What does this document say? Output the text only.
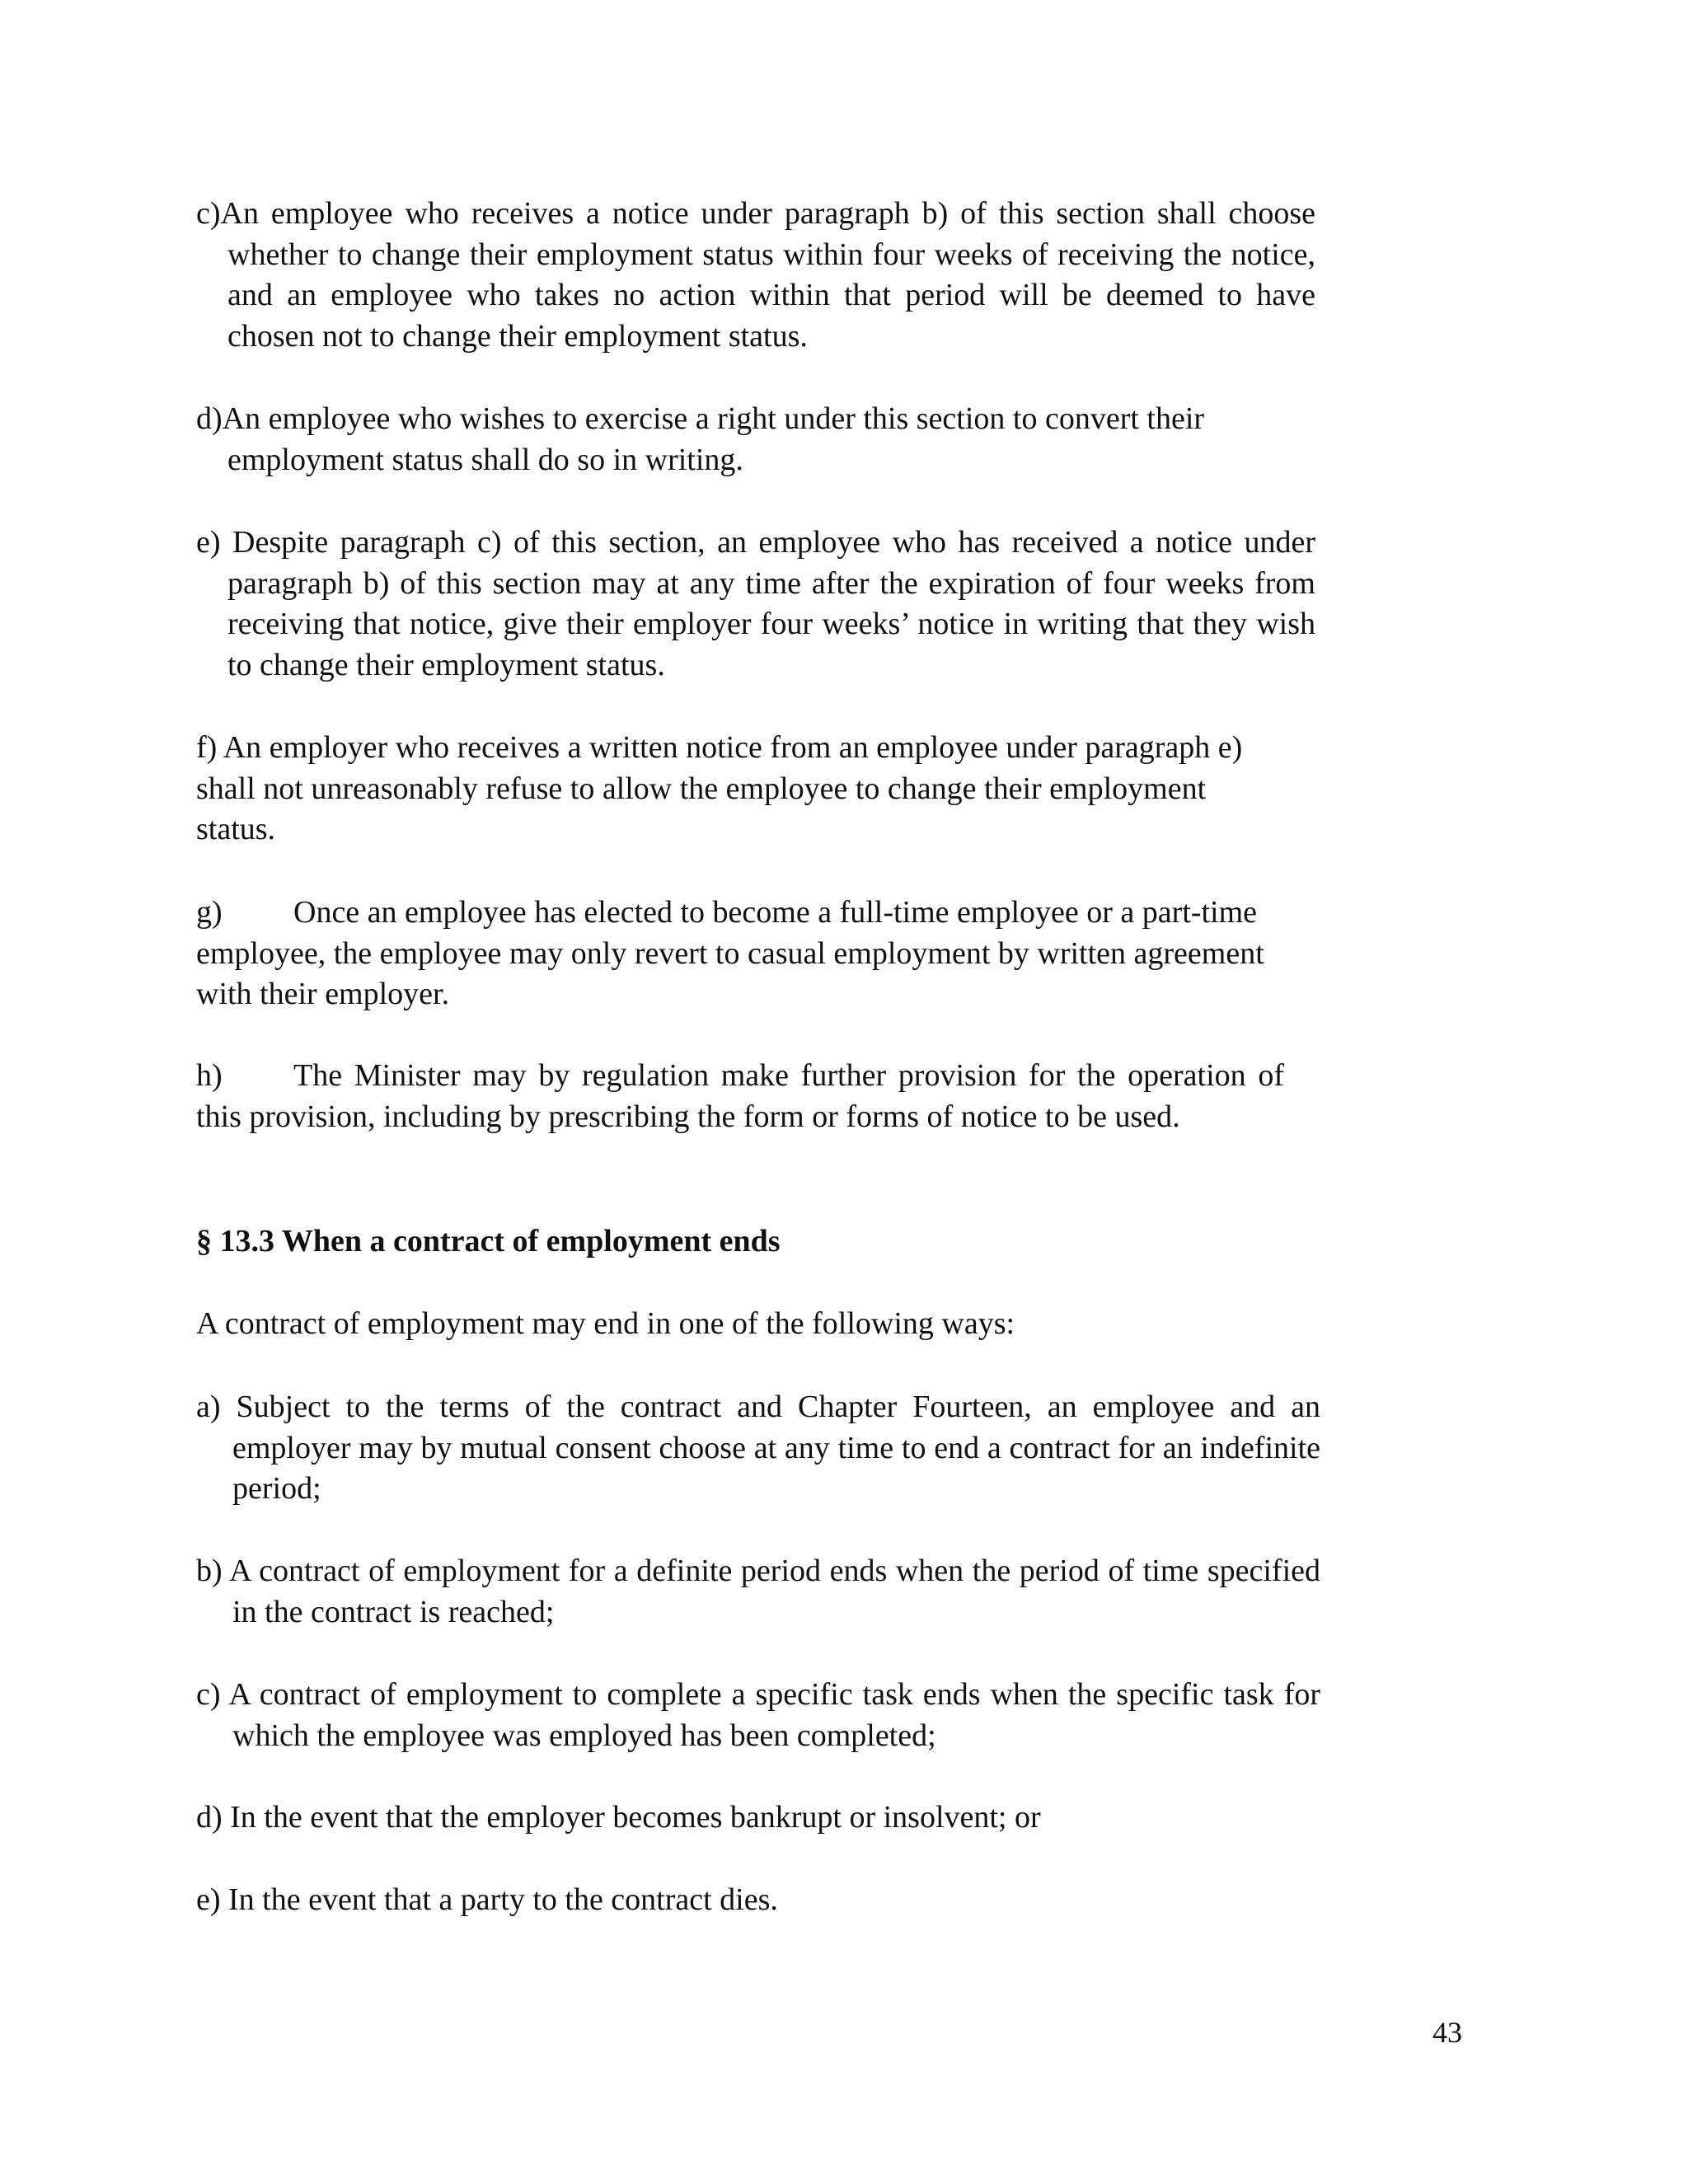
c)An employee who receives a notice under paragraph b) of this section shall choose whether to change their employment status within four weeks of receiving the notice, and an employee who takes no action within that period will be deemed to have chosen not to change their employment status.

d)An employee who wishes to exercise a right under this section to convert their employment status shall do so in writing.

e) Despite paragraph c) of this section, an employee who has received a notice under paragraph b) of this section may at any time after the expiration of four weeks from receiving that notice, give their employer four weeks’ notice in writing that they wish to change their employment status.

f) An employer who receives a written notice from an employee under paragraph e) shall not unreasonably refuse to allow the employee to change their employment status.

g) Once an employee has elected to become a full-time employee or a part-time employee, the employee may only revert to casual employment by written agreement with their employer.

h) The Minister may by regulation make further provision for the operation of this provision, including by prescribing the form or forms of notice to be used.

§ 13.3 When a contract of employment ends

A contract of employment may end in one of the following ways:

a) Subject to the terms of the contract and Chapter Fourteen, an employee and an employer may by mutual consent choose at any time to end a contract for an indefinite period;

b) A contract of employment for a definite period ends when the period of time specified in the contract is reached;

c) A contract of employment to complete a specific task ends when the specific task for which the employee was employed has been completed;

d) In the event that the employer becomes bankrupt or insolvent; or

e) In the event that a party to the contract dies.

43
